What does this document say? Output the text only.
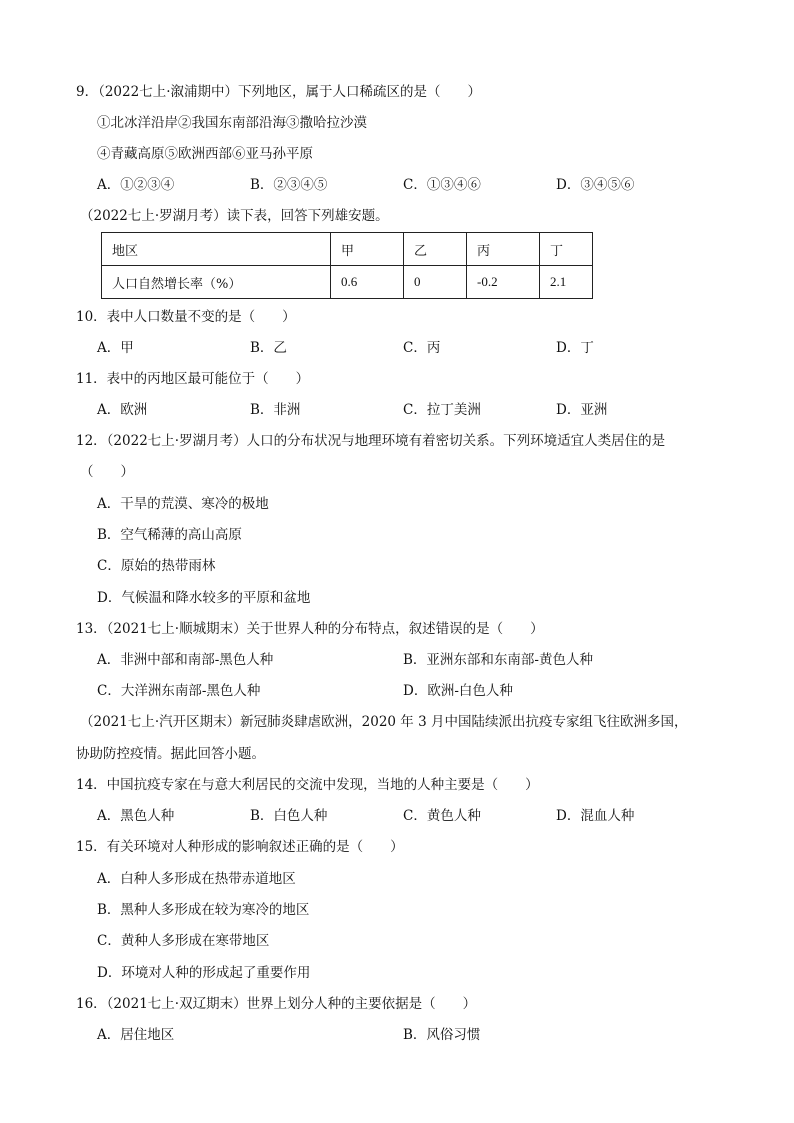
9．（2022七上·溆浦期中）下列地区，属于人口稀疏区的是（　　）
①北冰洋沿岸②我国东南部沿海③撒哈拉沙漠
④青藏高原⑤欧洲西部⑥亚马孙平原
A．①②③④	B．②③④⑤	C．①③④⑥	D．③④⑤⑥
（2022七上·罗湖月考）读下表，回答下列雄安题。
地区	甲	乙	丙	丁
人口自然增长率（%）	0.6	0	-0.2	2.1
10．表中人口数量不变的是（　　）
A．甲	B．乙	C．丙	D．丁
11．表中的丙地区最可能位于（　　）
A．欧洲	B．非洲	C．拉丁美洲	D．亚洲
12．（2022七上·罗湖月考）人口的分布状况与地理环境有着密切关系。下列环境适宜人类居住的是
（　　）
A．干旱的荒漠、寒冷的极地
B．空气稀薄的高山高原
C．原始的热带雨林
D．气候温和降水较多的平原和盆地
13．（2021七上·顺城期末）关于世界人种的分布特点，叙述错误的是（　　）
A．非洲中部和南部-黑色人种	B．亚洲东部和东南部-黄色人种
C．大洋洲东南部-黑色人种	D．欧洲-白色人种
（2021七上·汽开区期末）新冠肺炎肆虐欧洲，2020 年 3 月中国陆续派出抗疫专家组飞往欧洲多国，
协助防控疫情。据此回答小题。
14．中国抗疫专家在与意大利居民的交流中发现，当地的人种主要是（　　）
A．黑色人种	B．白色人种	C．黄色人种	D．混血人种
15．有关环境对人种形成的影响叙述正确的是（　　）
A．白种人多形成在热带赤道地区
B．黑种人多形成在较为寒冷的地区
C．黄种人多形成在寒带地区
D．环境对人种的形成起了重要作用
16．（2021七上·双辽期末）世界上划分人种的主要依据是（　　）
A．居住地区	B．风俗习惯
